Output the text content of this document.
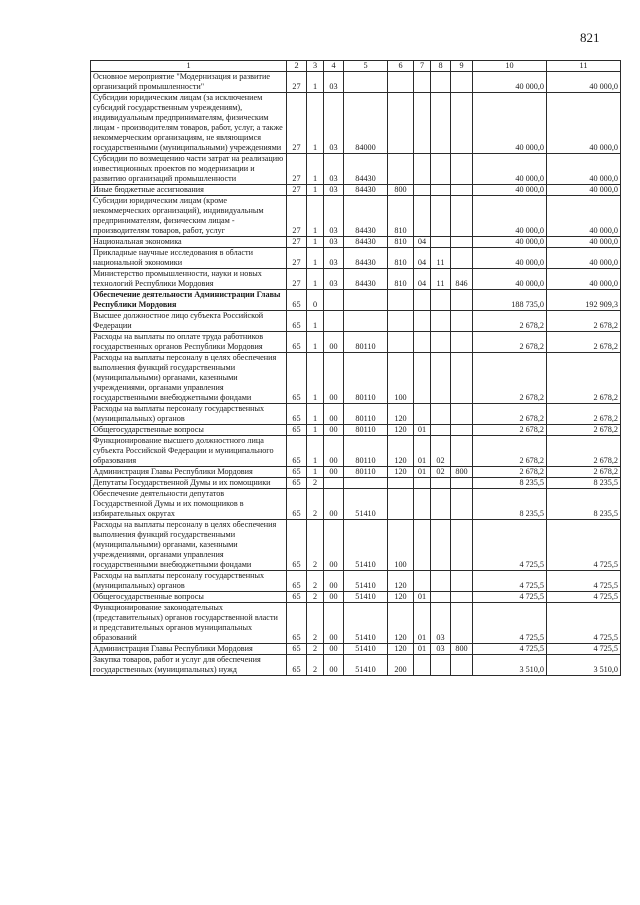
821
1	2	3	4	5	6	7	8	9	10	11
Основное мероприятие "Модернизация и развитие организаций промышленности"	27	1	03						40 000,0	40 000,0
Субсидии юридическим лицам (за исключением субсидий государственным учреждениям), индивидуальным предпринимателям, физическим лицам - производителям товаров, работ, услуг, а также некоммерческим организациям, не являющимся государственными (муниципальными) учреждениями	27	1	03	84000					40 000,0	40 000,0
Субсидии по возмещению части затрат на реализацию инвестиционных проектов по модернизации и развитию организаций промышленности	27	1	03	84430					40 000,0	40 000,0
Иные бюджетные ассигнования	27	1	03	84430	800				40 000,0	40 000,0
Субсидии юридическим лицам (кроме некоммерческих организаций), индивидуальным предпринимателям, физическим лицам - производителям товаров, работ, услуг	27	1	03	84430	810				40 000,0	40 000,0
Национальная экономика	27	1	03	84430	810	04			40 000,0	40 000,0
Прикладные научные исследования в области национальной экономики	27	1	03	84430	810	04	11		40 000,0	40 000,0
Министерство промышленности, науки и новых технологий Республики Мордовия	27	1	03	84430	810	04	11	846	40 000,0	40 000,0
Обеспечение деятельности Администрации Главы Республики Мордовия	65	0							188 735,0	192 909,3
Высшее должностное лицо субъекта Российской Федерации	65	1							2 678,2	2 678,2
Расходы на выплаты по оплате труда работников государственных органов Республики Мордовия	65	1	00	80110					2 678,2	2 678,2
Расходы на выплаты персоналу в целях обеспечения выполнения функций государственными (муниципальными) органами, казенными учреждениями, органами управления государственными внебюджетными фондами	65	1	00	80110	100				2 678,2	2 678,2
Расходы на выплаты персоналу государственных (муниципальных) органов	65	1	00	80110	120				2 678,2	2 678,2
Общегосударственные вопросы	65	1	00	80110	120	01			2 678,2	2 678,2
Функционирование высшего должностного лица субъекта Российской Федерации и муниципального образования	65	1	00	80110	120	01	02		2 678,2	2 678,2
Администрация Главы Республики Мордовия	65	1	00	80110	120	01	02	800	2 678,2	2 678,2
Депутаты Государственной Думы и их помощники	65	2							8 235,5	8 235,5
Обеспечение деятельности депутатов Государственной Думы и их помощников в избирательных округах	65	2	00	51410					8 235,5	8 235,5
Расходы на выплаты персоналу в целях обеспечения выполнения функций государственными (муниципальными) органами, казенными учреждениями, органами управления государственными внебюджетными фондами	65	2	00	51410	100				4 725,5	4 725,5
Расходы на выплаты персоналу государственных (муниципальных) органов	65	2	00	51410	120				4 725,5	4 725,5
Общегосударственные вопросы	65	2	00	51410	120	01			4 725,5	4 725,5
Функционирование законодательных (представительных) органов государственной власти и представительных органов муниципальных образований	65	2	00	51410	120	01	03		4 725,5	4 725,5
Администрация Главы Республики Мордовия	65	2	00	51410	120	01	03	800	4 725,5	4 725,5
Закупка товаров, работ и услуг для обеспечения государственных (муниципальных) нужд	65	2	00	51410	200				3 510,0	3 510,0
